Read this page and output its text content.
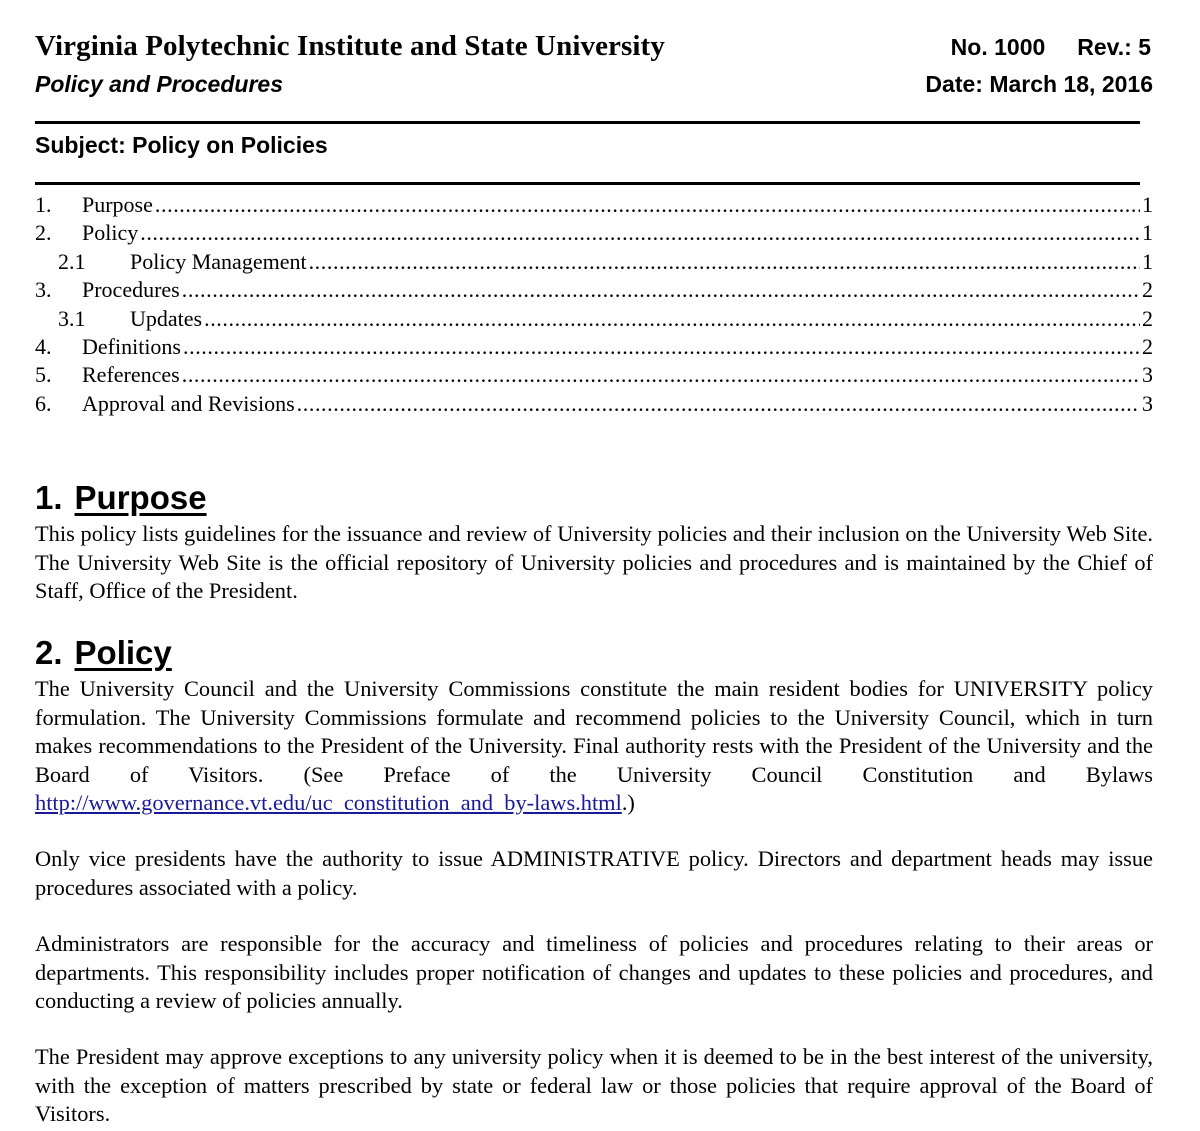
Virginia Polytechnic Institute and State University	No. 1000 Rev.: 5
Policy and Procedures	Date: March 18, 2016
Subject: Policy on Policies
1.	Purpose .....	1
2.	Policy .....	1
2.1	Policy Management .....	1
3.	Procedures .....	2
3.1	Updates .....	2
4.	Definitions .....	2
5.	References .....	3
6.	Approval and Revisions .....	3
1. Purpose

This policy lists guidelines for the issuance and review of University policies and their inclusion on the University Web Site. The University Web Site is the official repository of University policies and procedures and is maintained by the Chief of Staff, Office of the President.

2. Policy

The University Council and the University Commissions constitute the main resident bodies for UNIVERSITY policy formulation. The University Commissions formulate and recommend policies to the University Council, which in turn makes recommendations to the President of the University. Final authority rests with the President of the University and the Board of Visitors. (See Preface of the University Council Constitution and Bylaws http://www.governance.vt.edu/uc_constitution_and_by-laws.html.)

Only vice presidents have the authority to issue ADMINISTRATIVE policy. Directors and department heads may issue procedures associated with a policy.

Administrators are responsible for the accuracy and timeliness of policies and procedures relating to their areas or departments. This responsibility includes proper notification of changes and updates to these policies and procedures, and conducting a review of policies annually.

The President may approve exceptions to any university policy when it is deemed to be in the best interest of the university, with the exception of matters prescribed by state or federal law or those policies that require approval of the Board of Visitors.
